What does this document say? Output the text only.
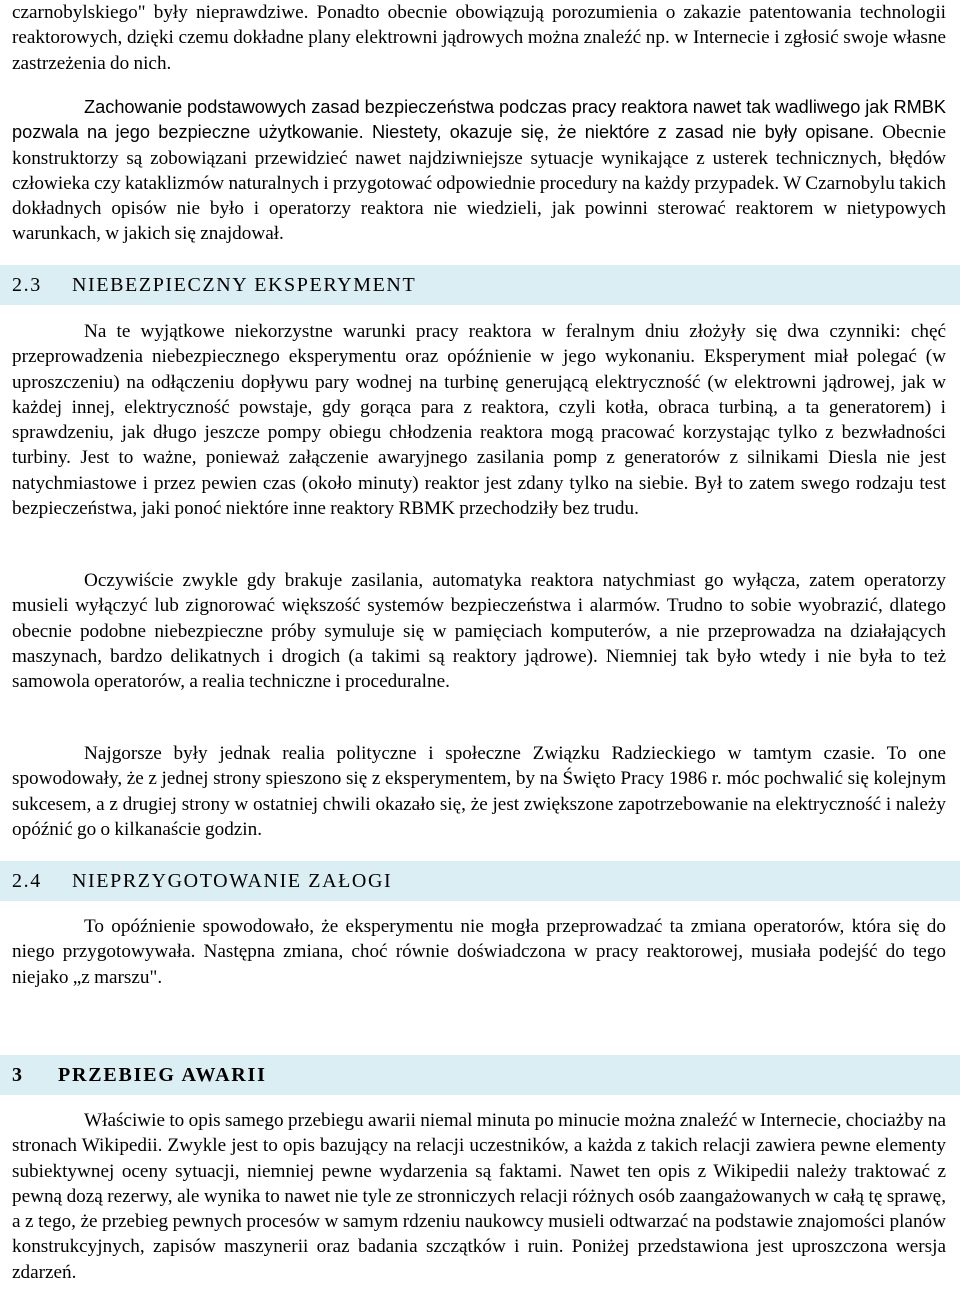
czarnobylskiego" były nieprawdziwe. Ponadto obecnie obowiązują porozumienia o zakazie patentowania technologii reaktorowych, dzięki czemu dokładne plany elektrowni jądrowych można znaleźć np. w Internecie i zgłosić swoje własne zastrzeżenia do nich.

Zachowanie podstawowych zasad bezpieczeństwa podczas pracy reaktora nawet tak wadliwego jak RMBK pozwala na jego bezpieczne użytkowanie. Niestety, okazuje się, że niektóre z zasad nie były opisane. Obecnie konstruktorzy są zobowiązani przewidzieć nawet najdziwniejsze sytuacje wynikające z usterek technicznych, błędów człowieka czy kataklizmów naturalnych i przygotować odpowiednie procedury na każdy przypadek. W Czarnobylu takich dokładnych opisów nie było i operatorzy reaktora nie wiedzieli, jak powinni sterować reaktorem w nietypowych warunkach, w jakich się znajdował.

2.3 NIEBEZPIECZNY EKSPERYMENT

Na te wyjątkowe niekorzystne warunki pracy reaktora w feralnym dniu złożyły się dwa czynniki: chęć przeprowadzenia niebezpiecznego eksperymentu oraz opóźnienie w jego wykonaniu. Eksperyment miał polegać (w uproszczeniu) na odłączeniu dopływu pary wodnej na turbinę generującą elektryczność (w elektrowni jądrowej, jak w każdej innej, elektryczność powstaje, gdy gorąca para z reaktora, czyli kotła, obraca turbiną, a ta generatorem) i sprawdzeniu, jak długo jeszcze pompy obiegu chłodzenia reaktora mogą pracować korzystając tylko z bezwładności turbiny. Jest to ważne, ponieważ załączenie awaryjnego zasilania pomp z generatorów z silnikami Diesla nie jest natychmiastowe i przez pewien czas (około minuty) reaktor jest zdany tylko na siebie. Był to zatem swego rodzaju test bezpieczeństwa, jaki ponoć niektóre inne reaktory RBMK przechodziły bez trudu.

Oczywiście zwykle gdy brakuje zasilania, automatyka reaktora natychmiast go wyłącza, zatem operatorzy musieli wyłączyć lub zignorować większość systemów bezpieczeństwa i alarmów. Trudno to sobie wyobrazić, dlatego obecnie podobne niebezpieczne próby symuluje się w pamięciach komputerów, a nie przeprowadza na działających maszynach, bardzo delikatnych i drogich (a takimi są reaktory jądrowe). Niemniej tak było wtedy i nie była to też samowola operatorów, a realia techniczne i proceduralne.

Najgorsze były jednak realia polityczne i społeczne Związku Radzieckiego w tamtym czasie. To one spowodowały, że z jednej strony spieszono się z eksperymentem, by na Święto Pracy 1986 r. móc pochwalić się kolejnym sukcesem, a z drugiej strony w ostatniej chwili okazało się, że jest zwiększone zapotrzebowanie na elektryczność i należy opóźnić go o kilkanaście godzin.

2.4 NIEPRZYGOTOWANIE ZAŁOGI

To opóźnienie spowodowało, że eksperymentu nie mogła przeprowadzać ta zmiana operatorów, która się do niego przygotowywała. Następna zmiana, choć równie doświadczona w pracy reaktorowej, musiała podejść do tego niejako „z marszu".

3 PRZEBIEG AWARII

Właściwie to opis samego przebiegu awarii niemal minuta po minucie można znaleźć w Internecie, chociażby na stronach Wikipedii. Zwykle jest to opis bazujący na relacji uczestników, a każda z takich relacji zawiera pewne elementy subiektywnej oceny sytuacji, niemniej pewne wydarzenia są faktami. Nawet ten opis z Wikipedii należy traktować z pewną dozą rezerwy, ale wynika to nawet nie tyle ze stronniczych relacji różnych osób zaangażowanych w całą tę sprawę, a z tego, że przebieg pewnych procesów w samym rdzeniu naukowcy musieli odtwarzać na podstawie znajomości planów konstrukcyjnych, zapisów maszynerii oraz badania szczątków i ruin. Poniżej przedstawiona jest uproszczona wersja zdarzeń.
